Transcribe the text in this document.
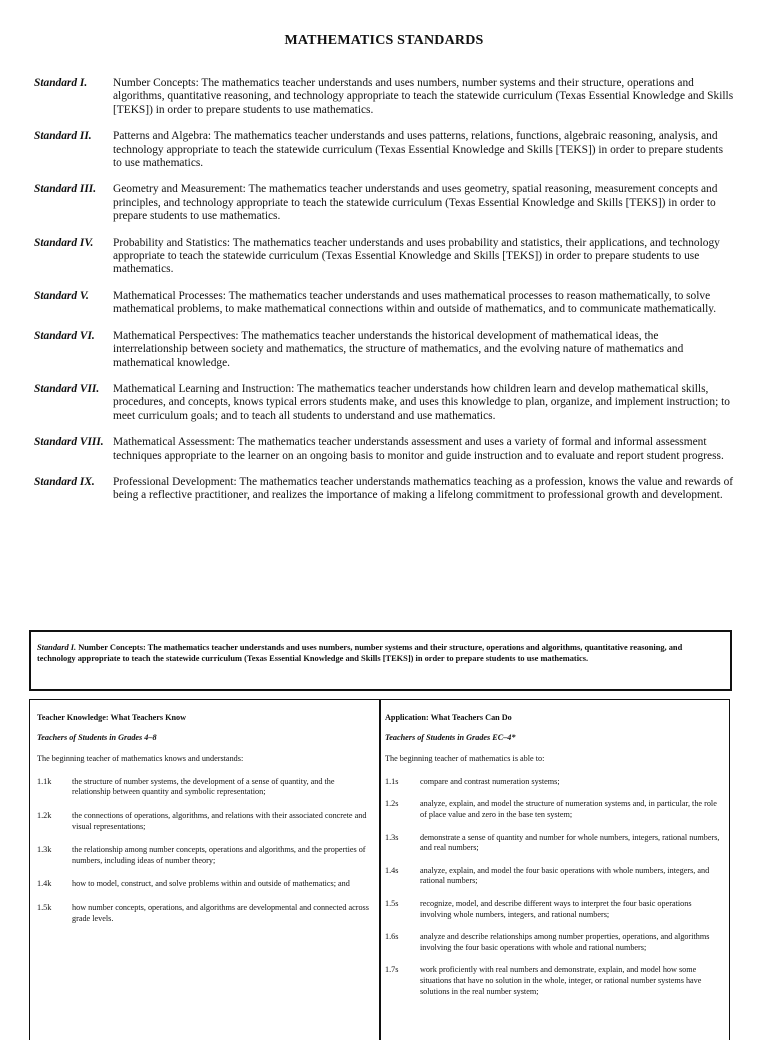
MATHEMATICS STANDARDS
Standard I.	Number Concepts: The mathematics teacher understands and uses numbers, number systems and their structure, operations and algorithms, quantitative reasoning, and technology appropriate to teach the statewide curriculum (Texas Essential Knowledge and Skills [TEKS]) in order to prepare students to use mathematics.
Standard II.	Patterns and Algebra: The mathematics teacher understands and uses patterns, relations, functions, algebraic reasoning, analysis, and technology appropriate to teach the statewide curriculum (Texas Essential Knowledge and Skills [TEKS]) in order to prepare students to use mathematics.
Standard III.	Geometry and Measurement: The mathematics teacher understands and uses geometry, spatial reasoning, measurement concepts and principles, and technology appropriate to teach the statewide curriculum (Texas Essential Knowledge and Skills [TEKS]) in order to prepare students to use mathematics.
Standard IV.	Probability and Statistics: The mathematics teacher understands and uses probability and statistics, their applications, and technology appropriate to teach the statewide curriculum (Texas Essential Knowledge and Skills [TEKS]) in order to prepare students to use mathematics.
Standard V.	Mathematical Processes: The mathematics teacher understands and uses mathematical processes to reason mathematically, to solve mathematical problems, to make mathematical connections within and outside of mathematics, and to communicate mathematically.
Standard VI.	Mathematical Perspectives: The mathematics teacher understands the historical development of mathematical ideas, the interrelationship between society and mathematics, the structure of mathematics, and the evolving nature of mathematics and mathematical knowledge.
Standard VII.	Mathematical Learning and Instruction: The mathematics teacher understands how children learn and develop mathematical skills, procedures, and concepts, knows typical errors students make, and uses this knowledge to plan, organize, and implement instruction; to meet curriculum goals; and to teach all students to understand and use mathematics.
Standard VIII. Mathematical Assessment: The mathematics teacher understands assessment and uses a variety of formal and informal assessment techniques appropriate to the learner on an ongoing basis to monitor and guide instruction and to evaluate and report student progress.
Standard IX.	Professional Development: The mathematics teacher understands mathematics teaching as a profession, knows the value and rewards of being a reflective practitioner, and realizes the importance of making a lifelong commitment to professional growth and development.
Standard I. Number Concepts: The mathematics teacher understands and uses numbers, number systems and their structure, operations and algorithms, quantitative reasoning, and technology appropriate to teach the statewide curriculum (Texas Essential Knowledge and Skills [TEKS]) in order to prepare students to use mathematics.
Teacher Knowledge: What Teachers Know
Teachers of Students in Grades 4–8
The beginning teacher of mathematics knows and understands:
1.1k	the structure of number systems, the development of a sense of quantity, and the relationship between quantity and symbolic representation;
1.2k	the connections of operations, algorithms, and relations with their associated concrete and visual representations;
1.3k	the relationship among number concepts, operations and algorithms, and the properties of numbers, including ideas of number theory;
1.4k	how to model, construct, and solve problems within and outside of mathematics; and
1.5k	how number concepts, operations, and algorithms are developmental and connected across grade levels.
Application: What Teachers Can Do
Teachers of Students in Grades EC–4*
The beginning teacher of mathematics is able to:
1.1s	compare and contrast numeration systems;
1.2s	analyze, explain, and model the structure of numeration systems and, in particular, the role of place value and zero in the base ten system;
1.3s	demonstrate a sense of quantity and number for whole numbers, integers, rational numbers, and real numbers;
1.4s	analyze, explain, and model the four basic operations with whole numbers, integers, and rational numbers;
1.5s	recognize, model, and describe different ways to interpret the four basic operations involving whole numbers, integers, and rational numbers;
1.6s	analyze and describe relationships among number properties, operations, and algorithms involving the four basic operations with whole and rational numbers;
1.7s	work proficiently with real numbers and demonstrate, explain, and model how some situations that have no solution in the whole, integer, or rational number systems have solutions in the real number system;
